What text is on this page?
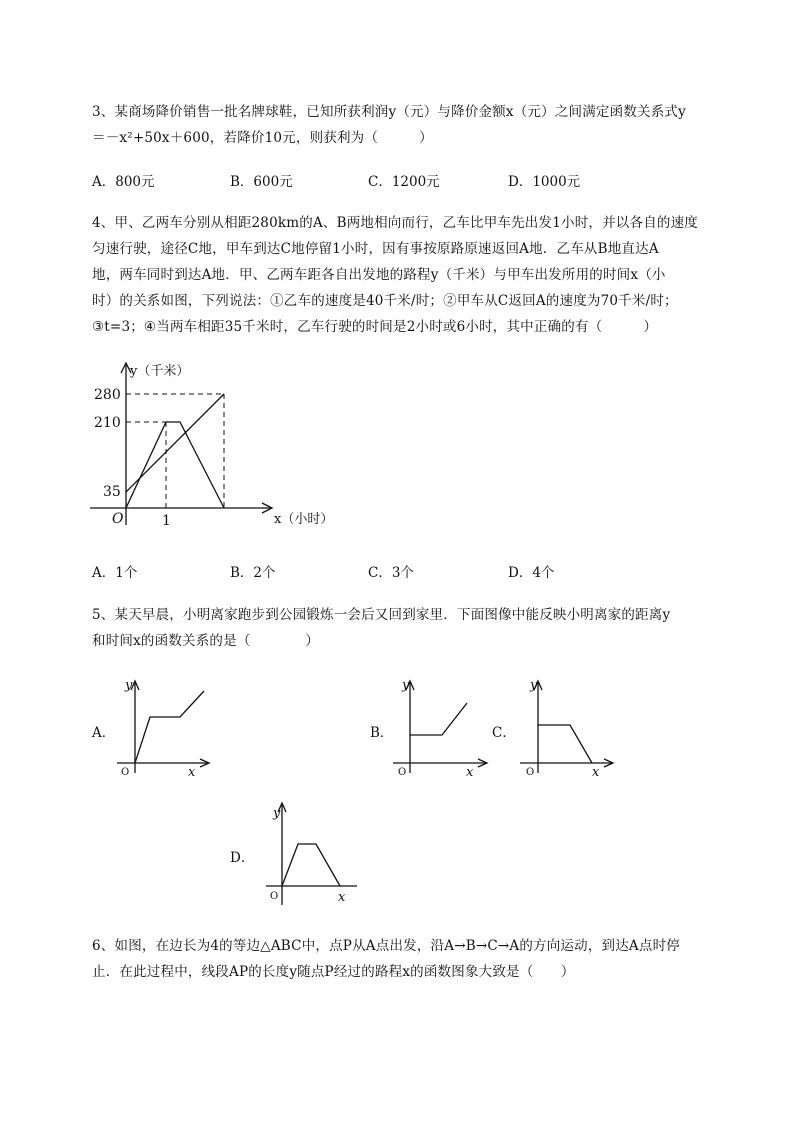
3、某商场降价销售一批名牌球鞋，已知所获利润y（元）与降价金额x（元）之间满定函数关系式y
＝－x²+50x＋600，若降价10元，则获利为（　　　）
A．800元	B．600元	C．1200元	D．1000元
4、甲、乙两车分别从相距280km的A、B两地相向而行，乙车比甲车先出发1小时，并以各自的速度
匀速行驶，途径C地，甲车到达C地停留1小时，因有事按原路原速返回A地．乙车从B地直达A
地，两车同时到达A地．甲、乙两车距各自出发地的路程y（千米）与甲车出发所用的时间x（小
时）的关系如图，下列说法：①乙车的速度是40千米/时；②甲车从C返回A的速度为70千米/时；
③t=3；④当两车相距35千米时，乙车行驶的时间是2小时或6小时，其中正确的有（　　　）
y（千米）
280
210
35
O	1	x（小时）
A．1个	B．2个	C．3个	D．4个
5、某天早晨，小明离家跑步到公园锻炼一会后又回到家里．下面图像中能反映小明离家的距离y
和时间x的函数关系的是（　　　　）
A．
y
O	x
B．
y
O	x
C．
y
O	x
D．
y
O	x
6、如图，在边长为4的等边△ABC中，点P从A点出发，沿A→B→C→A的方向运动，到达A点时停
止．在此过程中，线段AP的长度y随点P经过的路程x的函数图象大致是（　　）
